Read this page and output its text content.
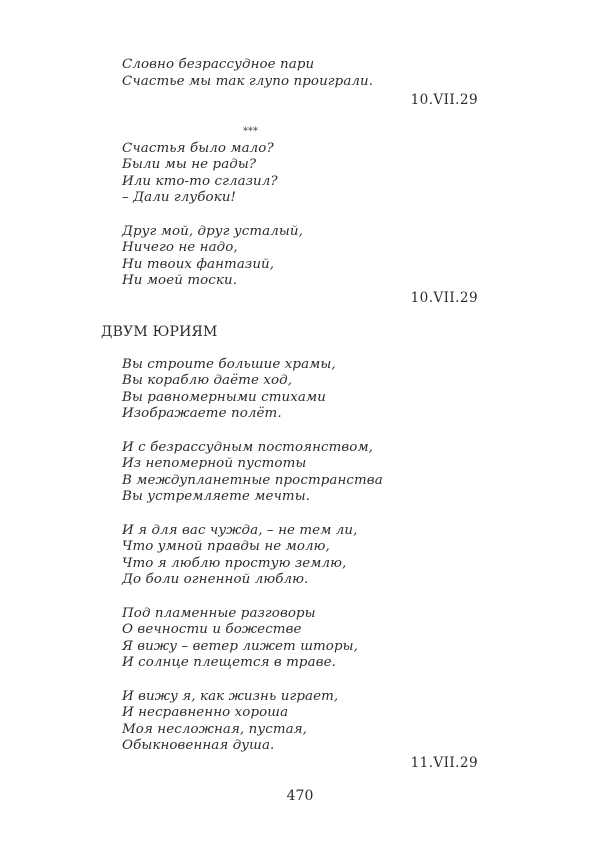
Словно безрассудное пари
Счастье мы так глупо проиграли.
10.VII.29
***
Счастья было мало?
Были мы не рады?
Или кто-то сглазил?
– Дали глубоки!
Друг мой, друг усталый,
Ничего не надо,
Ни твоих фантазий,
Ни моей тоски.
10.VII.29
ДВУМ ЮРИЯМ
Вы строите большие храмы,
Вы кораблю даёте ход,
Вы равномерными стихами
Изображаете полёт.
И с безрассудным постоянством,
Из непомерной пустоты
В междупланетные пространства
Вы устремляете мечты.
И я для вас чужда, – не тем ли,
Что умной правды не молю,
Что я люблю простую землю,
До боли огненной люблю.
Под пламенные разговоры
О вечности и божестве
Я вижу – ветер лижет шторы,
И солнце плещется в траве.
И вижу я, как жизнь играет,
И несравненно хороша
Моя несложная, пустая,
Обыкновенная душа.
11.VII.29
470
